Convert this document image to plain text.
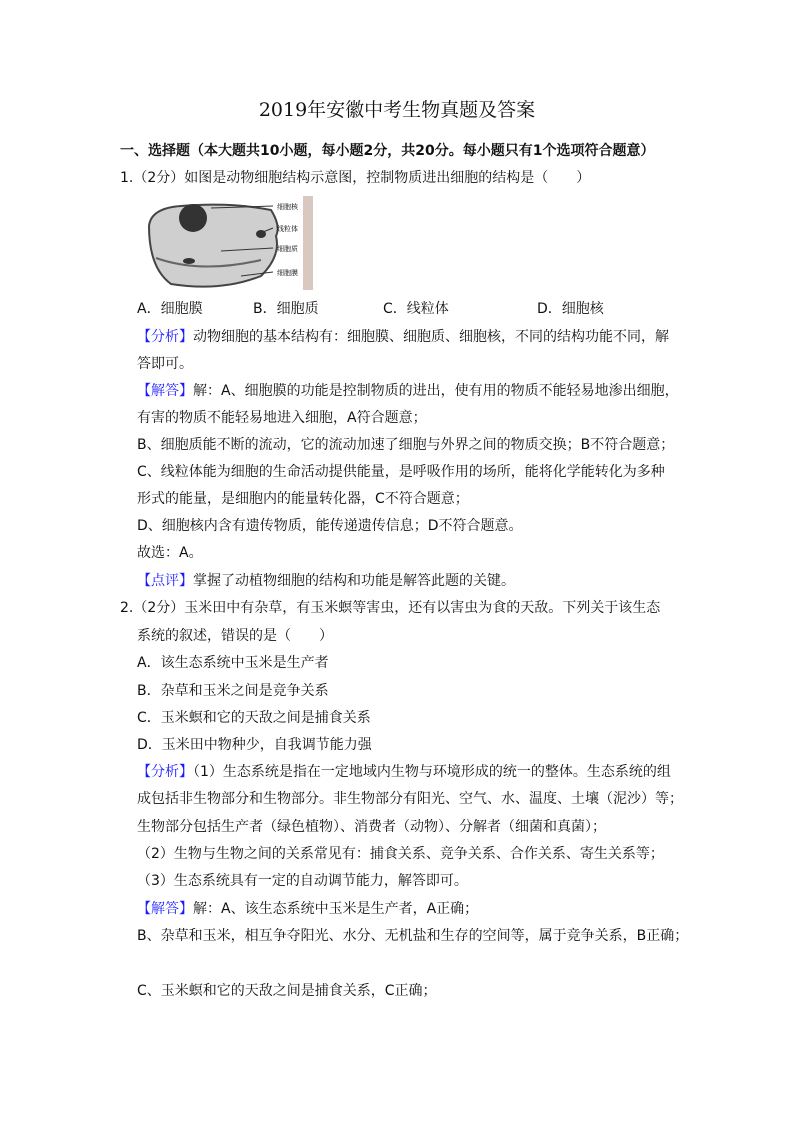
2019年安徽中考生物真题及答案
一、选择题（本大题共10小题，每小题2分，共20分。每小题只有1个选项符合题意）
1.（2分）如图是动物细胞结构示意图，控制物质进出细胞的结构是（　　）
细胞核
线粒体
细胞质
细胞膜
A．细胞膜	B．细胞质	C．线粒体	D．细胞核
【分析】动物细胞的基本结构有：细胞膜、细胞质、细胞核，不同的结构功能不同，解
答即可。
【解答】解：A、细胞膜的功能是控制物质的进出，使有用的物质不能轻易地渗出细胞，
有害的物质不能轻易地进入细胞，A符合题意；
B、细胞质能不断的流动，它的流动加速了细胞与外界之间的物质交换；B不符合题意；
C、线粒体能为细胞的生命活动提供能量，是呼吸作用的场所，能将化学能转化为多种
形式的能量，是细胞内的能量转化器，C不符合题意；
D、细胞核内含有遗传物质，能传递遗传信息；D不符合题意。
故选：A。
【点评】掌握了动植物细胞的结构和功能是解答此题的关键。
2.（2分）玉米田中有杂草，有玉米螟等害虫，还有以害虫为食的天敌。下列关于该生态
系统的叙述，错误的是（　　）
A．该生态系统中玉米是生产者
B．杂草和玉米之间是竞争关系
C．玉米螟和它的天敌之间是捕食关系
D．玉米田中物种少，自我调节能力强
【分析】（1）生态系统是指在一定地域内生物与环境形成的统一的整体。生态系统的组
成包括非生物部分和生物部分。非生物部分有阳光、空气、水、温度、土壤（泥沙）等；
生物部分包括生产者（绿色植物）、消费者（动物）、分解者（细菌和真菌）；
（2）生物与生物之间的关系常见有：捕食关系、竞争关系、合作关系、寄生关系等；
（3）生态系统具有一定的自动调节能力，解答即可。
【解答】解：A、该生态系统中玉米是生产者，A正确；
B、杂草和玉米，相互争夺阳光、水分、无机盐和生存的空间等，属于竞争关系，B正确；
C、玉米螟和它的天敌之间是捕食关系，C正确；
